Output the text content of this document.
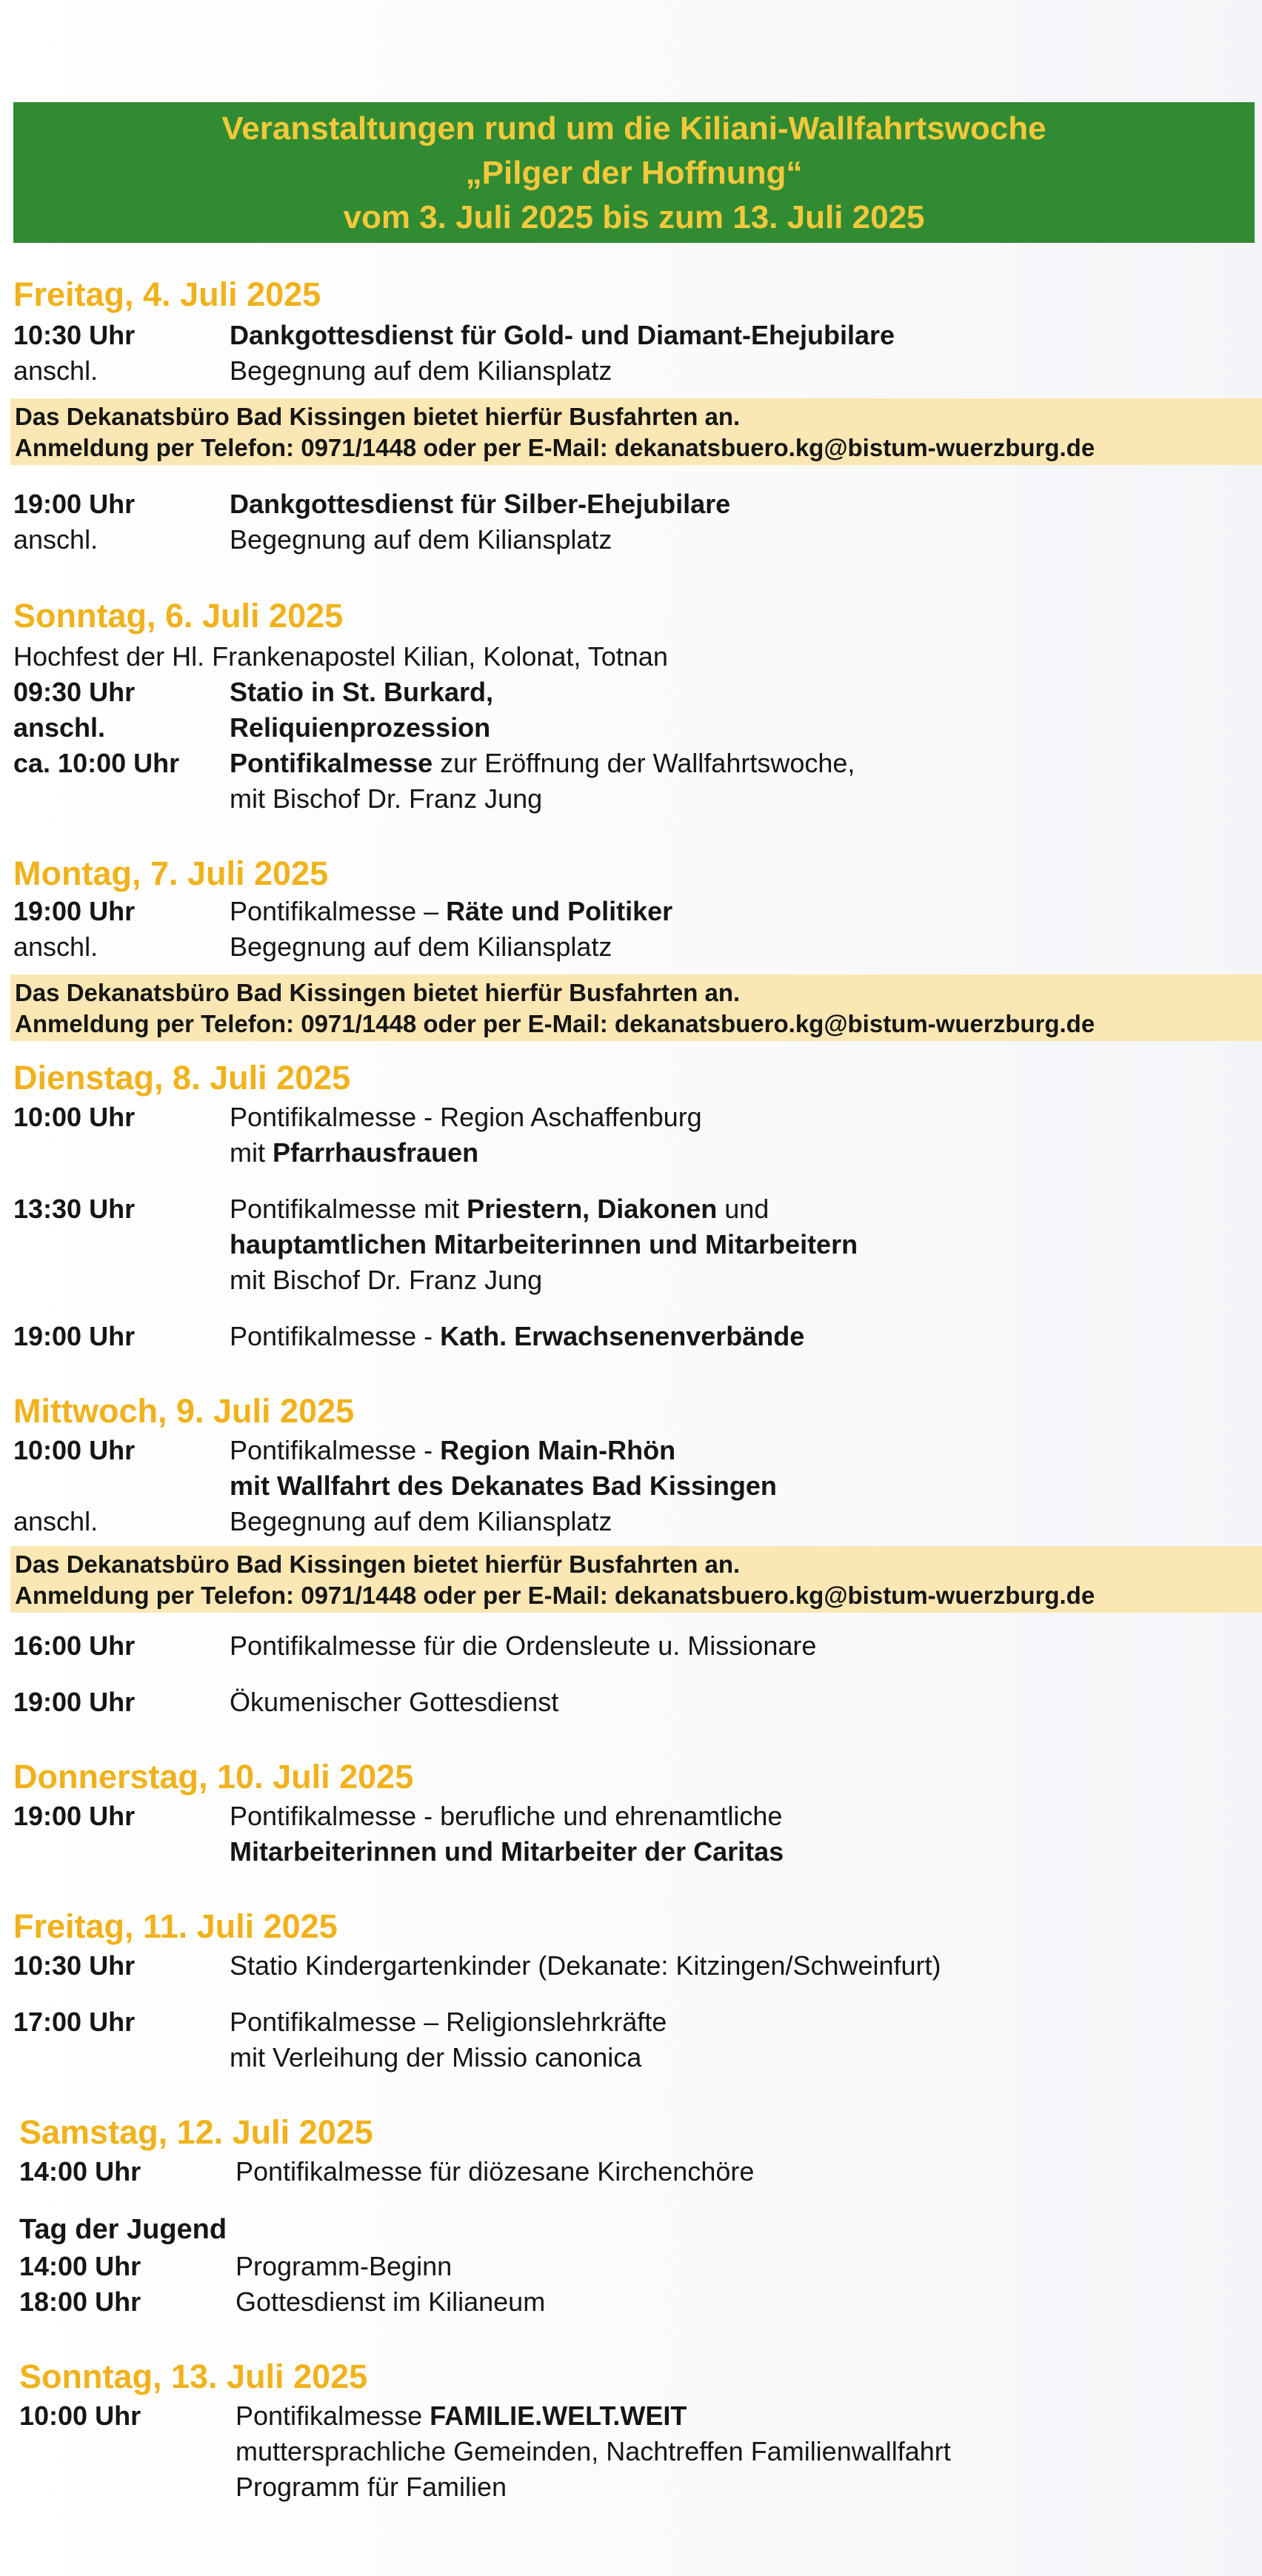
Veranstaltungen rund um die Kiliani-Wallfahrtswoche
„Pilger der Hoffnung“
vom 3. Juli 2025 bis zum 13. Juli 2025
Freitag, 4. Juli 2025
10:30 Uhr	Dankgottesdienst für Gold- und Diamant-Ehejubilare
anschl.	Begegnung auf dem Kiliansplatz
Das Dekanatsbüro Bad Kissingen bietet hierfür Busfahrten an.
Anmeldung per Telefon: 0971/1448 oder per E-Mail: dekanatsbuero.kg@bistum-wuerzburg.de
19:00 Uhr	Dankgottesdienst für Silber-Ehejubilare
anschl.	Begegnung auf dem Kiliansplatz
Sonntag, 6. Juli 2025
Hochfest der Hl. Frankenapostel Kilian, Kolonat, Totnan
09:30 Uhr	Statio in St. Burkard,
anschl.	Reliquienprozession
ca. 10:00 Uhr Pontifikalmesse zur Eröffnung der Wallfahrtswoche,
mit Bischof Dr. Franz Jung
Montag, 7. Juli 2025
19:00 Uhr	Pontifikalmesse – Räte und Politiker
anschl.	Begegnung auf dem Kiliansplatz
Das Dekanatsbüro Bad Kissingen bietet hierfür Busfahrten an.
Anmeldung per Telefon: 0971/1448 oder per E-Mail: dekanatsbuero.kg@bistum-wuerzburg.de
Dienstag, 8. Juli 2025
10:00 Uhr	Pontifikalmesse - Region Aschaffenburg
mit Pfarrhausfrauen
13:30 Uhr	Pontifikalmesse mit Priestern, Diakonen und
hauptamtlichen Mitarbeiterinnen und Mitarbeitern
mit Bischof Dr. Franz Jung
19:00 Uhr	Pontifikalmesse - Kath. Erwachsenenverbände
Mittwoch, 9. Juli 2025
10:00 Uhr	Pontifikalmesse - Region Main-Rhön
mit Wallfahrt des Dekanates Bad Kissingen
anschl.	Begegnung auf dem Kiliansplatz
Das Dekanatsbüro Bad Kissingen bietet hierfür Busfahrten an.
Anmeldung per Telefon: 0971/1448 oder per E-Mail: dekanatsbuero.kg@bistum-wuerzburg.de
16:00 Uhr	Pontifikalmesse für die Ordensleute u. Missionare
19:00 Uhr	Ökumenischer Gottesdienst
Donnerstag, 10. Juli 2025
19:00 Uhr	Pontifikalmesse - berufliche und ehrenamtliche
Mitarbeiterinnen und Mitarbeiter der Caritas
Freitag, 11. Juli 2025
10:30 Uhr	Statio Kindergartenkinder (Dekanate: Kitzingen/Schweinfurt)
17:00 Uhr	Pontifikalmesse – Religionslehrkräfte
mit Verleihung der Missio canonica
Samstag, 12. Juli 2025
14:00 Uhr	Pontifikalmesse für diözesane Kirchenchöre
Tag der Jugend
14:00 Uhr	Programm-Beginn
18:00 Uhr	Gottesdienst im Kilianeum
Sonntag, 13. Juli 2025
10:00 Uhr	Pontifikalmesse FAMILIE.WELT.WEIT
muttersprachliche Gemeinden, Nachtreffen Familienwallfahrt
Programm für Familien
